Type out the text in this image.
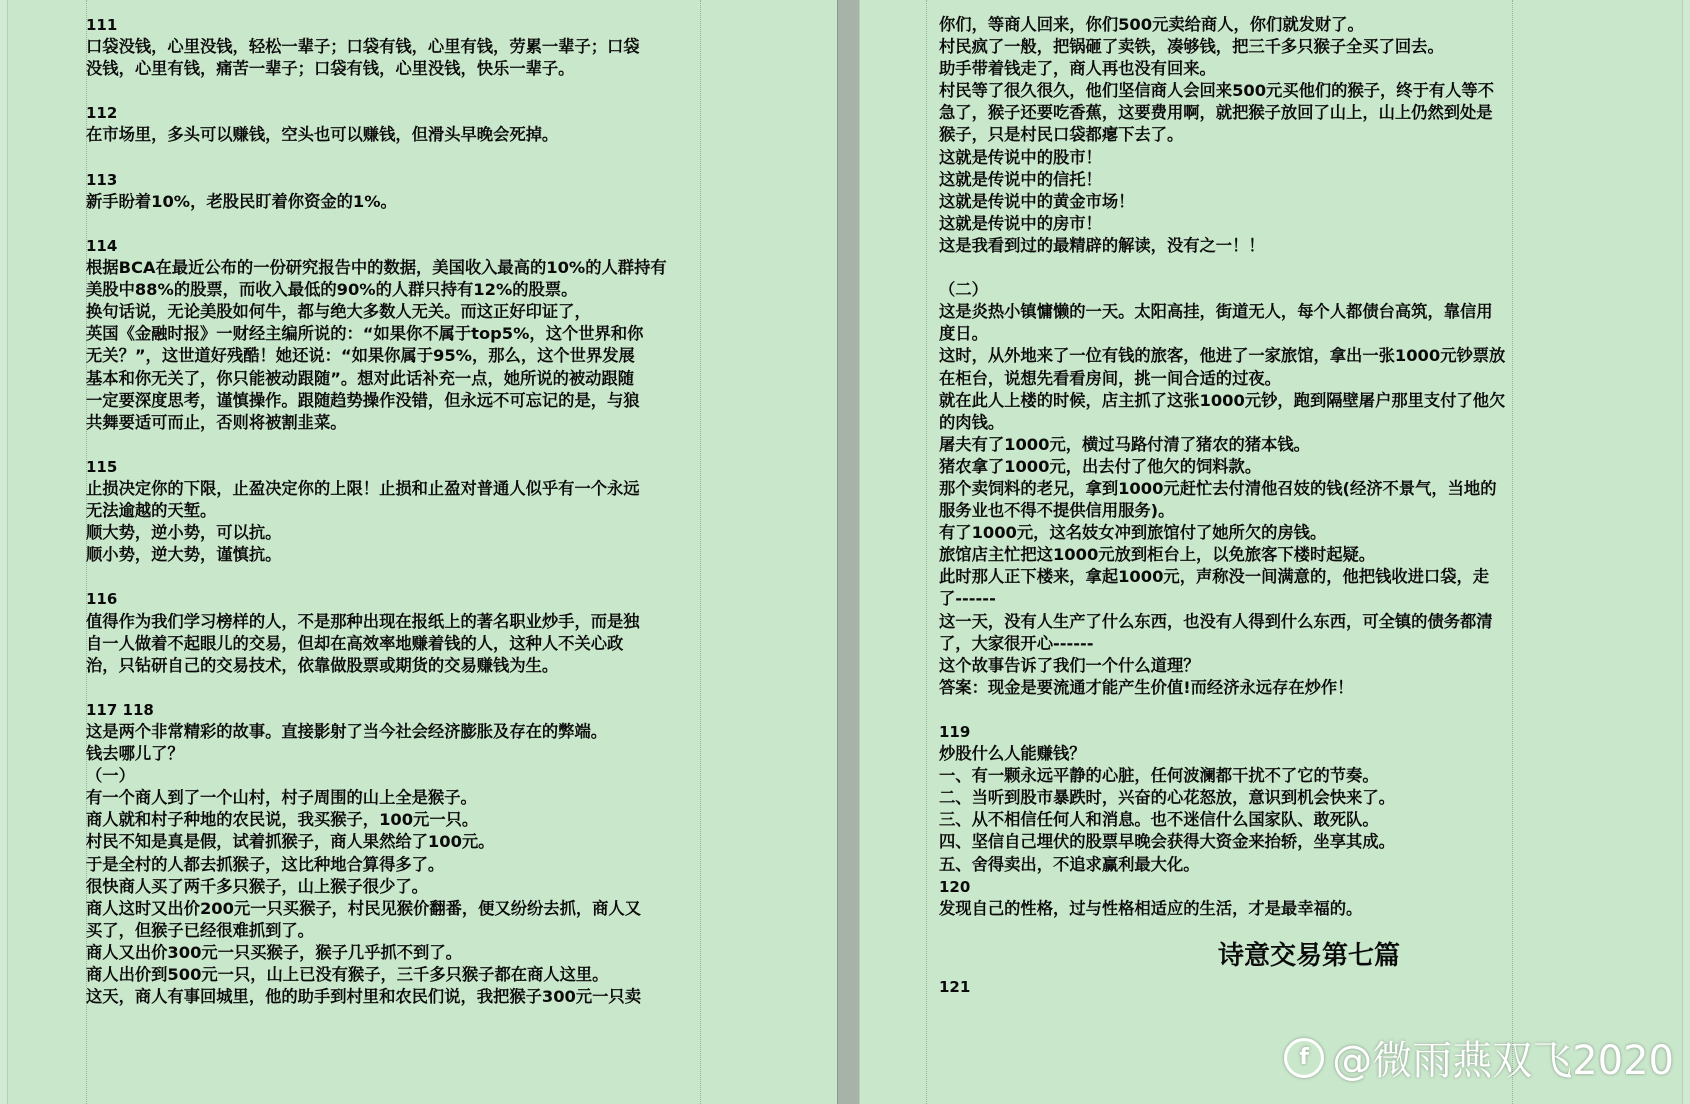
111
口袋没钱，心里没钱，轻松一辈子；口袋有钱，心里有钱，劳累一辈子；口袋
没钱，心里有钱，痛苦一辈子；口袋有钱，心里没钱，快乐一辈子。
112
在市场里，多头可以赚钱，空头也可以赚钱，但滑头早晚会死掉。
113
新手盼着10%，老股民盯着你资金的1%。
114
根据BCA在最近公布的一份研究报告中的数据，美国收入最高的10%的人群持有
美股中88%的股票，而收入最低的90%的人群只持有12%的股票。
换句话说，无论美股如何牛，都与绝大多数人无关。而这正好印证了，
英国《金融时报》一财经主编所说的：“如果你不属于top5%，这个世界和你
无关？”，这世道好残酷！她还说：“如果你属于95%，那么，这个世界发展
基本和你无关了，你只能被动跟随”。想对此话补充一点，她所说的被动跟随
一定要深度思考，谨慎操作。跟随趋势操作没错，但永远不可忘记的是，与狼
共舞要适可而止，否则将被割韭菜。
115
止损决定你的下限，止盈决定你的上限！止损和止盈对普通人似乎有一个永远
无法逾越的天堑。
顺大势，逆小势，可以抗。
顺小势，逆大势，谨慎抗。
116
值得作为我们学习榜样的人，不是那种出现在报纸上的著名职业炒手，而是独
自一人做着不起眼儿的交易，但却在高效率地赚着钱的人，这种人不关心政
治，只钻研自己的交易技术，依靠做股票或期货的交易赚钱为生。
117 118
这是两个非常精彩的故事。直接影射了当今社会经济膨胀及存在的弊端。
钱去哪儿了？
（一）
有一个商人到了一个山村，村子周围的山上全是猴子。
商人就和村子种地的农民说，我买猴子，100元一只。
村民不知是真是假，试着抓猴子，商人果然给了100元。
于是全村的人都去抓猴子，这比种地合算得多了。
很快商人买了两千多只猴子，山上猴子很少了。
商人这时又出价200元一只买猴子，村民见猴价翻番，便又纷纷去抓，商人又
买了，但猴子已经很难抓到了。
商人又出价300元一只买猴子，猴子几乎抓不到了。
商人出价到500元一只，山上已没有猴子，三千多只猴子都在商人这里。
这天，商人有事回城里，他的助手到村里和农民们说，我把猴子300元一只卖
你们，等商人回来，你们500元卖给商人，你们就发财了。
村民疯了一般，把锅砸了卖铁，凑够钱，把三千多只猴子全买了回去。
助手带着钱走了，商人再也没有回来。
村民等了很久很久，他们坚信商人会回来500元买他们的猴子，终于有人等不
急了，猴子还要吃香蕉，这要费用啊，就把猴子放回了山上，山上仍然到处是
猴子，只是村民口袋都瘪下去了。
这就是传说中的股市！
这就是传说中的信托！
这就是传说中的黄金市场！
这就是传说中的房市！
这是我看到过的最精辟的解读，没有之一！！
（二）
这是炎热小镇慵懒的一天。太阳高挂，街道无人，每个人都债台高筑，靠信用
度日。
这时，从外地来了一位有钱的旅客，他进了一家旅馆，拿出一张1000元钞票放
在柜台，说想先看看房间，挑一间合适的过夜。
就在此人上楼的时候，店主抓了这张1000元钞，跑到隔壁屠户那里支付了他欠
的肉钱。
屠夫有了1000元，横过马路付清了猪农的猪本钱。
猪农拿了1000元，出去付了他欠的饲料款。
那个卖饲料的老兄，拿到1000元赶忙去付清他召妓的钱(经济不景气，当地的
服务业也不得不提供信用服务)。
有了1000元，这名妓女冲到旅馆付了她所欠的房钱。
旅馆店主忙把这1000元放到柜台上，以免旅客下楼时起疑。
此时那人正下楼来，拿起1000元，声称没一间满意的，他把钱收进口袋，走
了------
这一天，没有人生产了什么东西，也没有人得到什么东西，可全镇的债务都清
了，大家很开心------
这个故事告诉了我们一个什么道理？
答案：现金是要流通才能产生价值!而经济永远存在炒作！
119
炒股什么人能赚钱？
一、有一颗永远平静的心脏，任何波澜都干扰不了它的节奏。
二、当听到股市暴跌时，兴奋的心花怒放，意识到机会快来了。
三、从不相信任何人和消息。也不迷信什么国家队、敢死队。
四、坚信自己埋伏的股票早晚会获得大资金来抬轿，坐享其成。
五、舍得卖出，不追求赢利最大化。
120
发现自己的性格，过与性格相适应的生活，才是最幸福的。
诗意交易第七篇
121
f @微雨燕双飞2020
